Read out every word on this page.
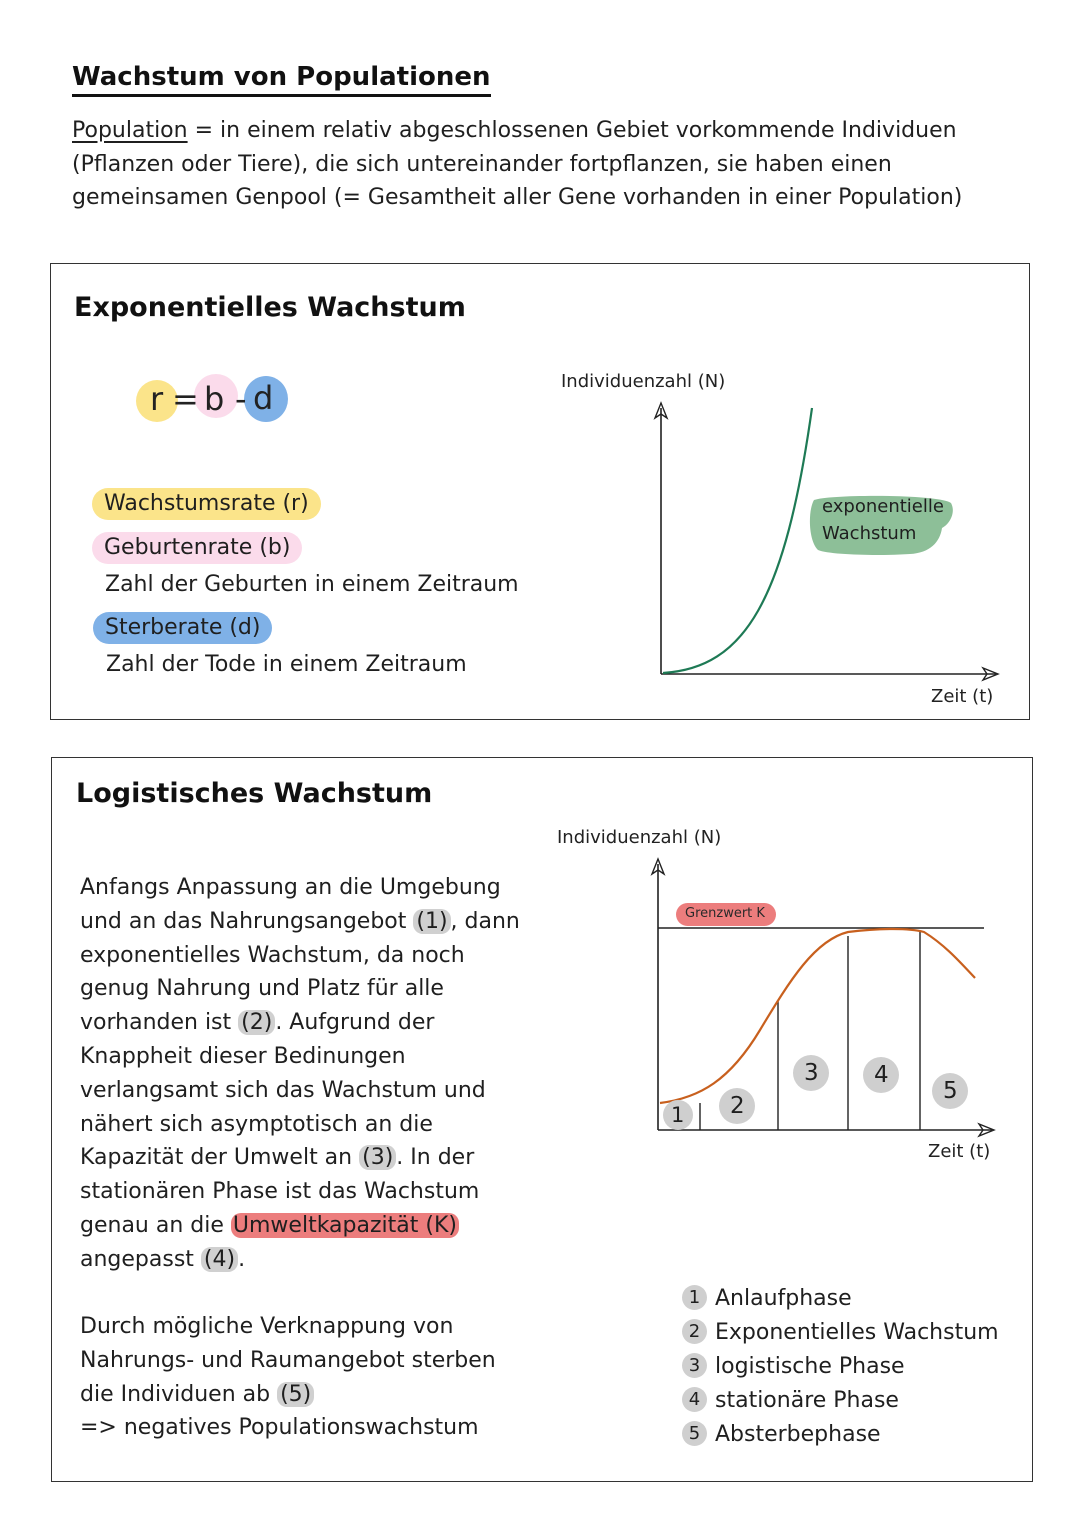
Wachstum von Populationen
Population = in einem relativ abgeschlossenen Gebiet vorkommende Individuen
(Pflanzen oder Tiere), die sich untereinander fortpflanzen, sie haben einen
gemeinsamen Genpool (= Gesamtheit aller Gene vorhanden in einer Population)
Exponentielles Wachstum
r = b - d
Wachstumsrate (r)
Geburtenrate (b)
Zahl der Geburten in einem Zeitraum
Sterberate (d)
Zahl der Tode in einem Zeitraum
Individuenzahl (N)
Zeit (t)
exponentielle
Wachstum
Logistisches Wachstum
Anfangs Anpassung an die Umgebung
und an das Nahrungsangebot (1) , dann
exponentielles Wachstum, da noch
genug Nahrung und Platz für alle
vorhanden ist (2) . Aufgrund der
Knappheit dieser Bedinungen
verlangsamt sich das Wachstum und
nähert sich asymptotisch an die
Kapazität der Umwelt an (3) . In der
stationären Phase ist das Wachstum
genau an die Umweltkapazität (K)
angepasst (4) .
Durch mögliche Verknappung von
Nahrungs- und Raumangebot sterben
die Individuen ab (5)
=> negatives Populationswachstum
Individuenzahl (N)
Zeit (t)
Grenzwert K
1 2
3 4
5
1 Anlaufphase
2 Exponentielles Wachstum
3 logistische Phase
4 stationäre Phase
5 Absterbephase
